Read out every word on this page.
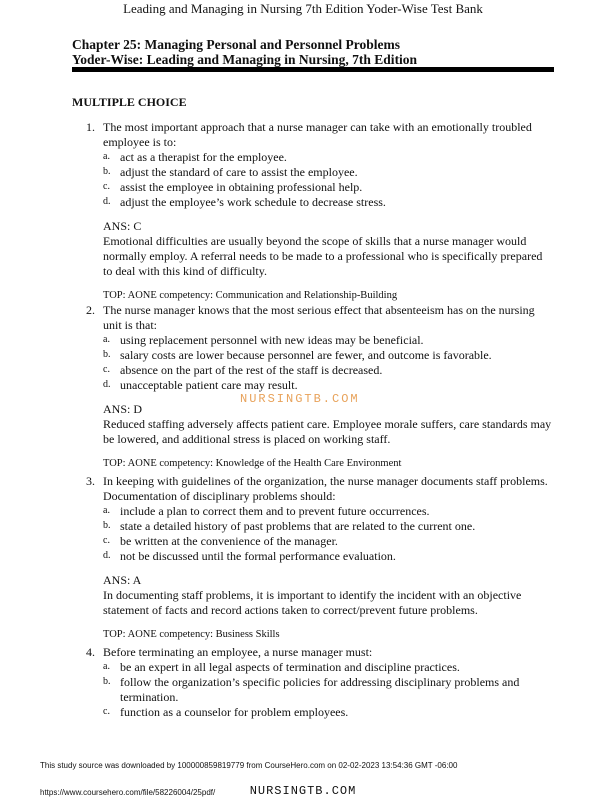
Leading and Managing in Nursing 7th Edition Yoder-Wise Test Bank
Chapter 25: Managing Personal and Personnel Problems
Yoder-Wise: Leading and Managing in Nursing, 7th Edition
MULTIPLE CHOICE
1. The most important approach that a nurse manager can take with an emotionally troubled employee is to:
a. act as a therapist for the employee.
b. adjust the standard of care to assist the employee.
c. assist the employee in obtaining professional help.
d. adjust the employee’s work schedule to decrease stress.
ANS: C
Emotional difficulties are usually beyond the scope of skills that a nurse manager would normally employ. A referral needs to be made to a professional who is specifically prepared to deal with this kind of difficulty.
TOP: AONE competency: Communication and Relationship-Building
2. The nurse manager knows that the most serious effect that absenteeism has on the nursing unit is that:
a. using replacement personnel with new ideas may be beneficial.
b. salary costs are lower because personnel are fewer, and outcome is favorable.
c. absence on the part of the rest of the staff is decreased.
d. unacceptable patient care may result.
ANS: D
Reduced staffing adversely affects patient care. Employee morale suffers, care standards may be lowered, and additional stress is placed on working staff.
TOP: AONE competency: Knowledge of the Health Care Environment
3. In keeping with guidelines of the organization, the nurse manager documents staff problems. Documentation of disciplinary problems should:
a. include a plan to correct them and to prevent future occurrences.
b. state a detailed history of past problems that are related to the current one.
c. be written at the convenience of the manager.
d. not be discussed until the formal performance evaluation.
ANS: A
In documenting staff problems, it is important to identify the incident with an objective statement of facts and record actions taken to correct/prevent future problems.
TOP: AONE competency: Business Skills
4. Before terminating an employee, a nurse manager must:
a. be an expert in all legal aspects of termination and discipline practices.
b. follow the organization’s specific policies for addressing disciplinary problems and termination.
c. function as a counselor for problem employees.
NURSINGTB.COM
This study source was downloaded by 100000859819779 from CourseHero.com on 02-02-2023 13:54:36 GMT -06:00
https://www.coursehero.com/file/58226004/25pdf/	NURSINGTB.COM
